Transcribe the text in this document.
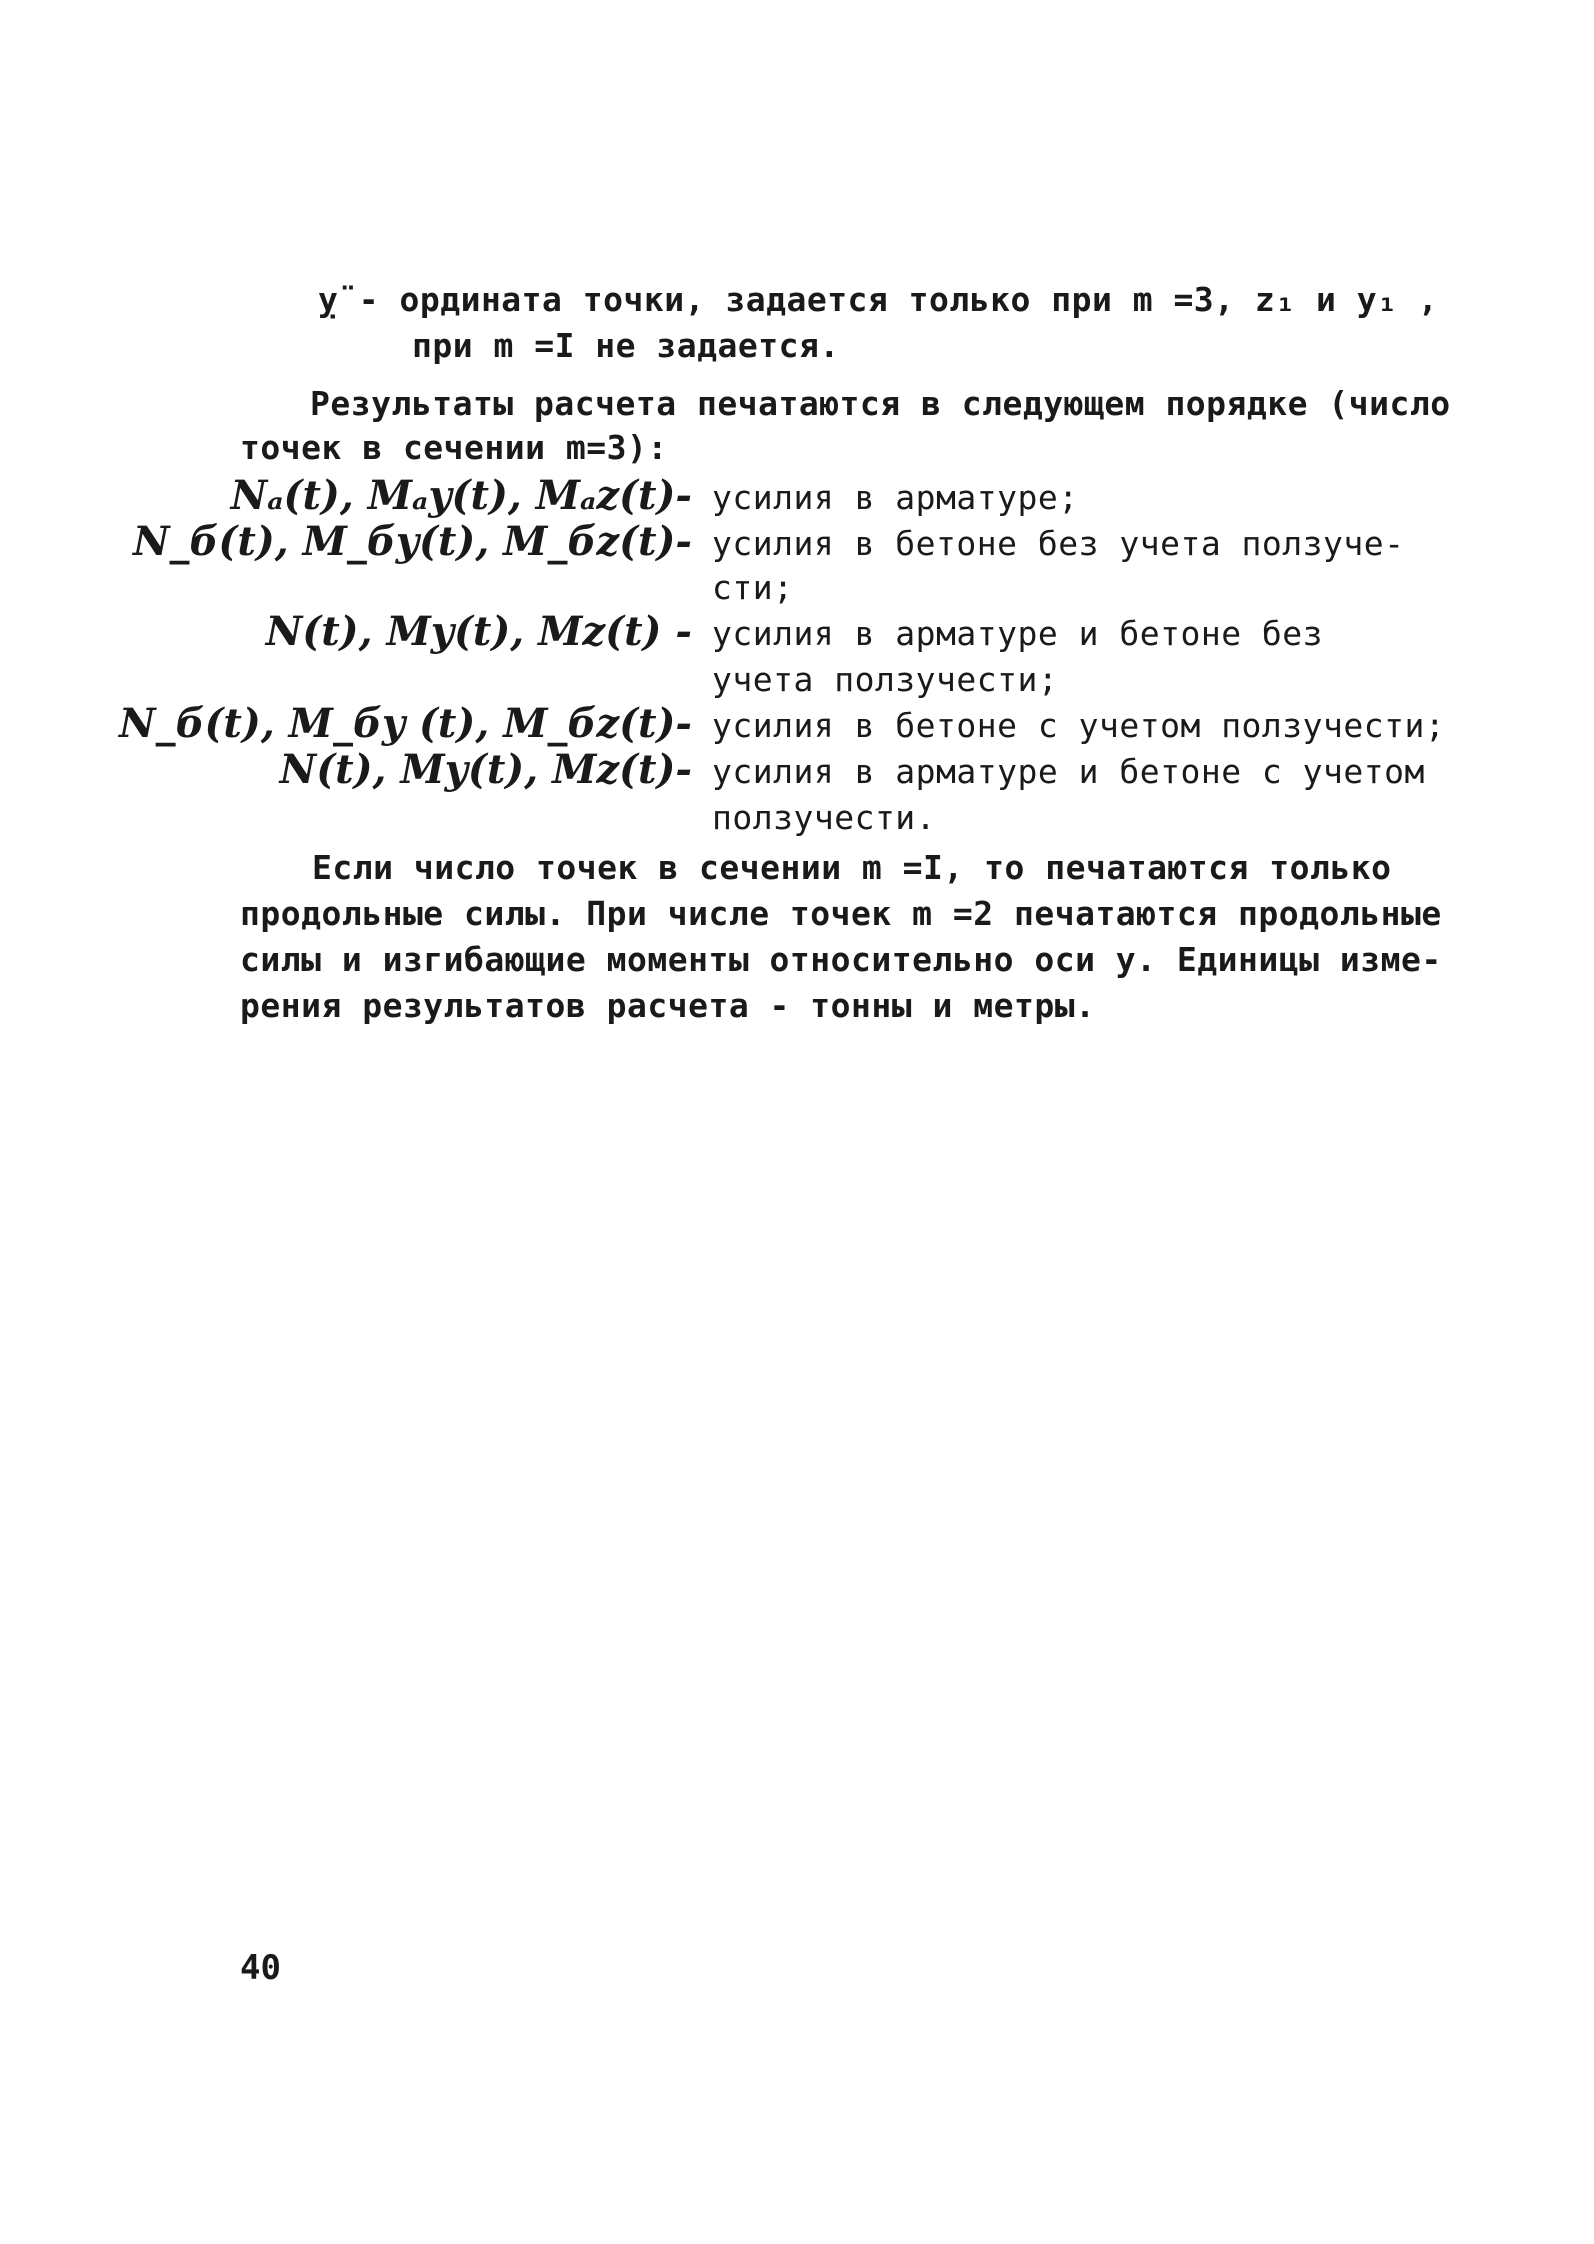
ỵ̈ - ордината точки, задается только при m =3, z₁ и y₁ ,
при m =I не задается.
Результаты расчета печатаются в следующем порядке (число
точек в сечении m=3):
Nₐ(t), Mₐy(t), Mₐz(t)- усилия в арматуре;
N_б(t), M_бy(t), M_бz(t)- усилия в бетоне без учета ползуче-
сти;
N(t), My(t), Mz(t) - усилия в арматуре и бетоне без
учета ползучести;
N_б(t), M_бy (t), M_бz(t)- усилия в бетоне с учетом ползучести;
N(t), My(t), Mz(t)- усилия в арматуре и бетоне с учетом
ползучести.
Если число точек в сечении m =I, то печатаются только
продольные силы. При числе точек m =2 печатаются продольные
силы и изгибающие моменты относительно оси y. Единицы изме-
рения результатов расчета - тонны и метры.
40
